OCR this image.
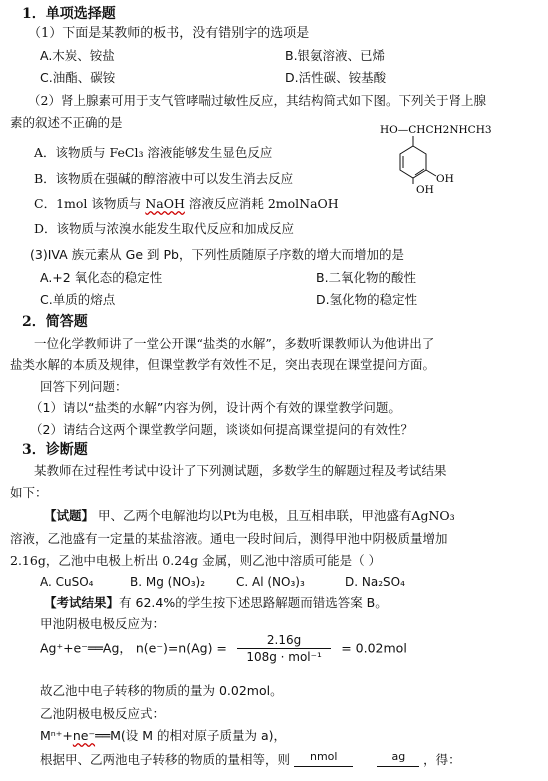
1．单项选择题
（1）下面是某教师的板书，没有错别字的选项是
A.木炭、铵盐	B.银氨溶液、已烯
C.油酯、碳铵	D.活性碳、铵基酸
（2）肾上腺素可用于支气管哮喘过敏性反应，其结构简式如下图。下列关于肾上腺
素的叙述不正确的是	HO—CHCH2NHCH3
OH
OH
A．该物质与 FeCl₃ 溶液能够发生显色反应
B．该物质在强碱的醇溶液中可以发生消去反应
C．1mol 该物质与 NaOH 溶液反应消耗 2molNaOH
D．该物质与浓溴水能发生取代反应和加成反应
(3)IVA 族元素从 Ge 到 Pb，下列性质随原子序数的增大而增加的是
A.+2 氧化态的稳定性	B.二氧化物的酸性
C.单质的熔点	D.氢化物的稳定性
2．简答题
一位化学教师讲了一堂公开课“盐类的水解”，多数听课教师认为他讲出了
盐类水解的本质及规律，但课堂教学有效性不足，突出表现在课堂提问方面。
回答下列问题：
（1）请以“盐类的水解”内容为例，设计两个有效的课堂教学问题。
（2）请结合这两个课堂教学问题，谈谈如何提高课堂提问的有效性？
3．诊断题
某教师在过程性考试中设计了下列测试题，多数学生的解题过程及考试结果
如下：
【试题】 甲、乙两个电解池均以Pt为电极，且互相串联，甲池盛有AgNO₃
溶液，乙池盛有一定量的某盐溶液。通电一段时间后，测得甲池中阴极质量增加
2.16g，乙池中电极上析出 0.24g 金属，则乙池中溶质可能是（ ）
A. CuSO₄	B. Mg (NO₃)₂	C. Al (NO₃)₃	D. Na₂SO₄
【考试结果】有 62.4%的学生按下述思路解题而错选答案 B。
甲池阴极电极反应为：
Ag⁺+e⁻══Ag， $n(e^-)=n(Ag) = \frac{2.16g}{\text{108g · mol⁻¹}} = 0.02mol$
故乙池中电子转移的物质的量为 0.02mol。
乙池阴极电极反应式：
Mⁿ⁺+ne⁻══M(设 M 的相对原子质量为 a)，
根据甲、乙两池电子转移的物质的量相等，则 nmol	ag ，得：
